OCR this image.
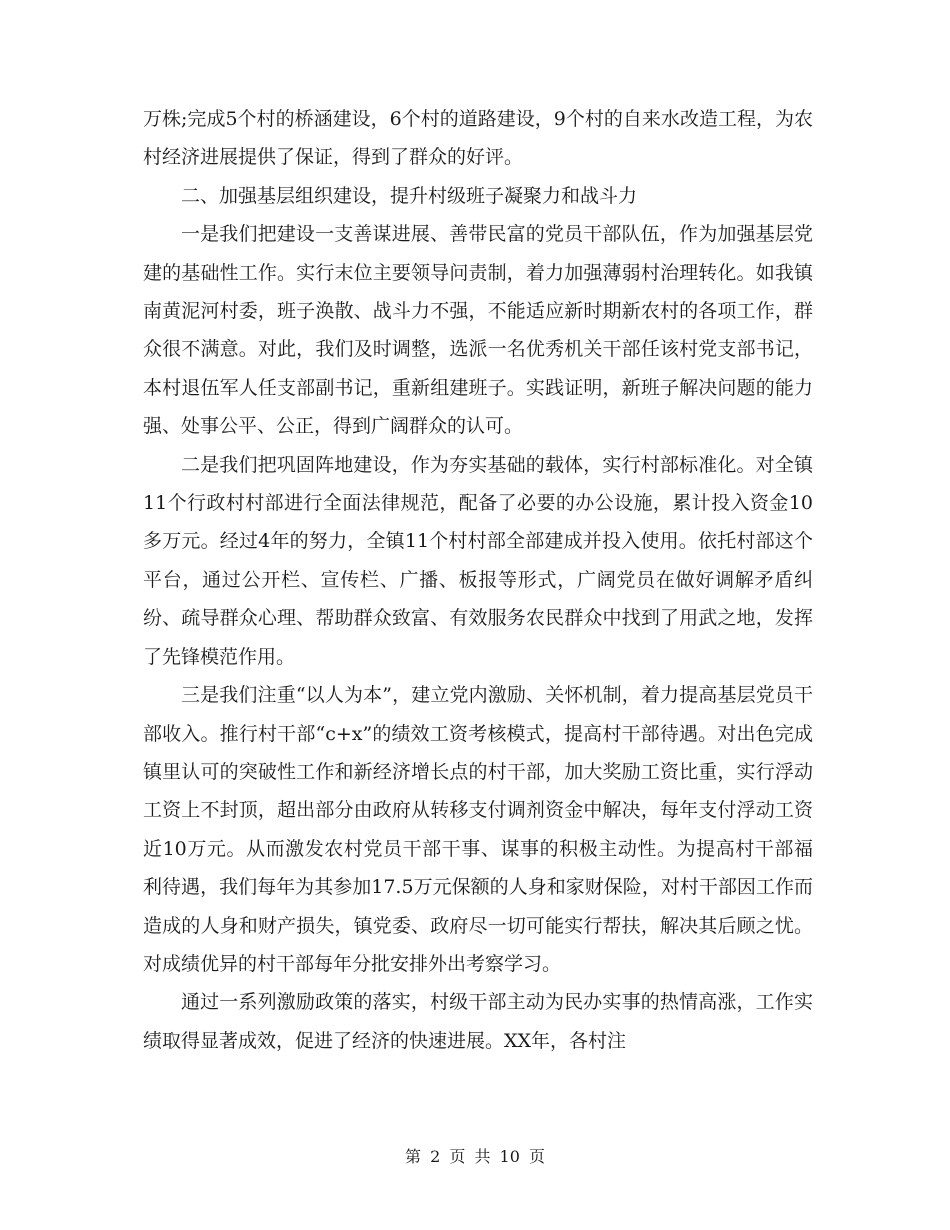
万株;完成5个村的桥涵建设，6个村的道路建设，9个村的自来水改造工程，为农村经济进展提供了保证，得到了群众的好评。

二、加强基层组织建设，提升村级班子凝聚力和战斗力

一是我们把建设一支善谋进展、善带民富的党员干部队伍，作为加强基层党建的基础性工作。实行末位主要领导问责制，着力加强薄弱村治理转化。如我镇南黄泥河村委，班子涣散、战斗力不强，不能适应新时期新农村的各项工作，群众很不满意。对此，我们及时调整，选派一名优秀机关干部任该村党支部书记，本村退伍军人任支部副书记，重新组建班子。实践证明，新班子解决问题的能力强、处事公平、公正，得到广阔群众的认可。

二是我们把巩固阵地建设，作为夯实基础的载体，实行村部标准化。对全镇11个行政村村部进行全面法律规范，配备了必要的办公设施，累计投入资金10多万元。经过4年的努力，全镇11个村村部全部建成并投入使用。依托村部这个平台，通过公开栏、宣传栏、广播、板报等形式，广阔党员在做好调解矛盾纠纷、疏导群众心理、帮助群众致富、有效服务农民群众中找到了用武之地，发挥了先锋模范作用。

三是我们注重“以人为本”，建立党内激励、关怀机制，着力提高基层党员干部收入。推行村干部“c+x”的绩效工资考核模式，提高村干部待遇。对出色完成镇里认可的突破性工作和新经济增长点的村干部，加大奖励工资比重，实行浮动工资上不封顶，超出部分由政府从转移支付调剂资金中解决，每年支付浮动工资近10万元。从而激发农村党员干部干事、谋事的积极主动性。为提高村干部福利待遇，我们每年为其参加17.5万元保额的人身和家财保险，对村干部因工作而造成的人身和财产损失，镇党委、政府尽一切可能实行帮扶，解决其后顾之忧。对成绩优异的村干部每年分批安排外出考察学习。

通过一系列激励政策的落实，村级干部主动为民办实事的热情高涨，工作实绩取得显著成效，促进了经济的快速进展。XX年，各村注

第 2 页 共 10 页
